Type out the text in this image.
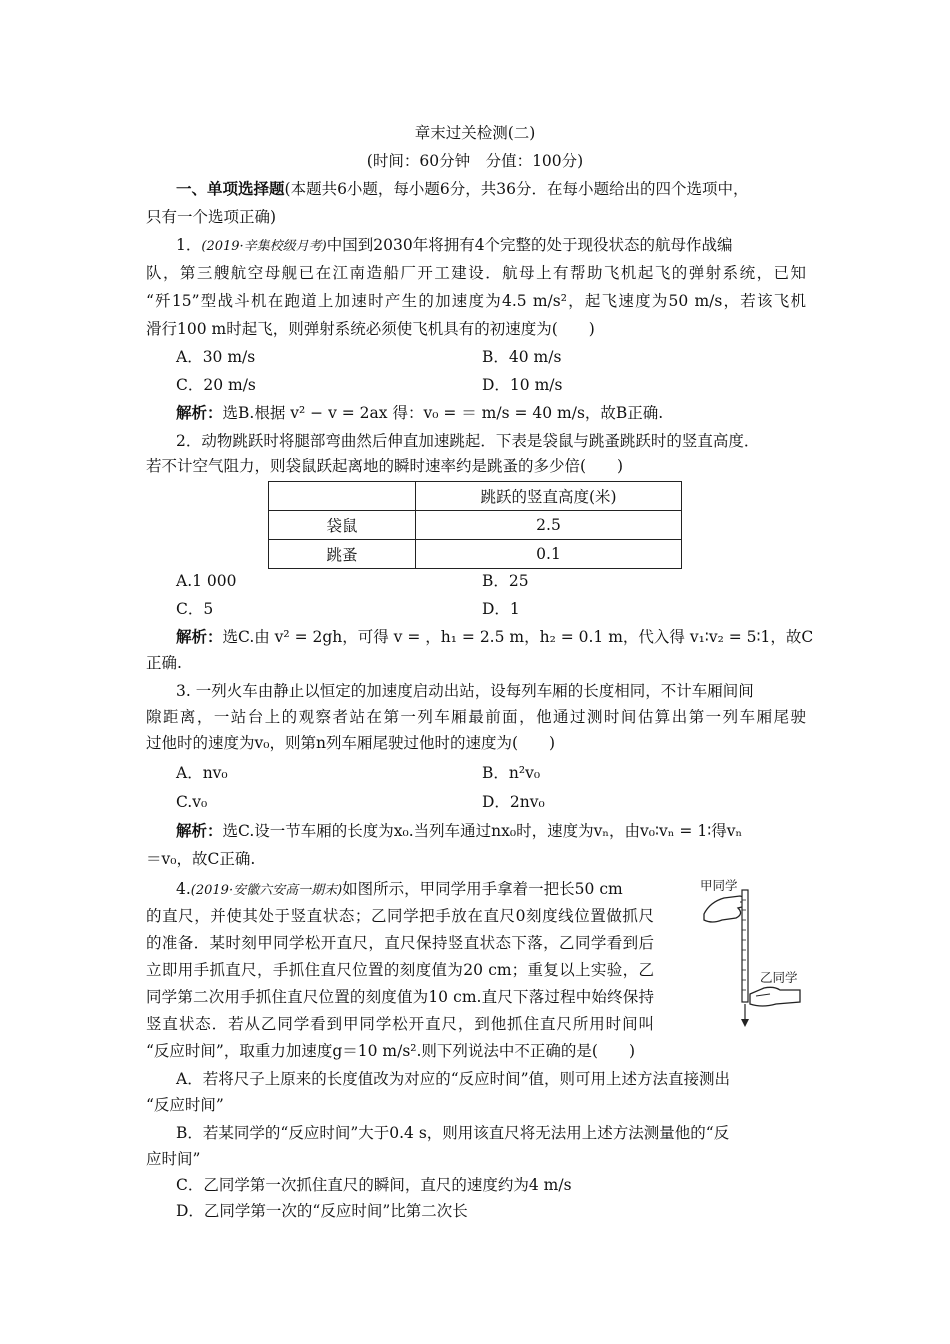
章末过关检测(二)
(时间：60分钟　分值：100分)
一、单项选择题(本题共6小题，每小题6分，共36分．在每小题给出的四个选项中，
只有一个选项正确)
1．(2019·辛集校级月考)中国到2030年将拥有4个完整的处于现役状态的航母作战编
队，第三艘航空母舰已在江南造船厂开工建设．航母上有帮助飞机起飞的弹射系统，已知
“歼15”型战斗机在跑道上加速时产生的加速度为4.5 m/s²，起飞速度为50 m/s，若该飞机
滑行100 m时起飞，则弹射系统必须使飞机具有的初速度为(　　)
A．30 m/s	B．40 m/s
C．20 m/s	D．10 m/s
解析：选B.根据 v² − v = 2ax 得：v₀ = ＝ m/s = 40 m/s，故B正确.
2．动物跳跃时将腿部弯曲然后伸直加速跳起．下表是袋鼠与跳蚤跳跃时的竖直高度．
若不计空气阻力，则袋鼠跃起离地的瞬时速率约是跳蚤的多少倍(　　)
	跳跃的竖直高度(米)
袋鼠	2.5
跳蚤	0.1
A.1 000	B．25
C．5	D．1
解析：选C.由 v² = 2gh，可得 v = ，h₁ = 2.5 m，h₂ = 0.1 m，代入得 v₁∶v₂ = 5∶1，故C
正确.
3. 一列火车由静止以恒定的加速度启动出站，设每列车厢的长度相同，不计车厢间间
隙距离，一站台上的观察者站在第一列车厢最前面，他通过测时间估算出第一列车厢尾驶
过他时的速度为v₀，则第n列车厢尾驶过他时的速度为(　　)
A．nv₀	B．n²v₀
C.v₀	D．2nv₀
解析：选C.设一节车厢的长度为x₀.当列车通过nx₀时，速度为vₙ，由v₀∶vₙ = 1∶得vₙ
＝v₀，故C正确.
4.(2019·安徽六安高一期末)如图所示，甲同学用手拿着一把长50 cm
的直尺，并使其处于竖直状态；乙同学把手放在直尺0刻度线位置做抓尺
的准备．某时刻甲同学松开直尺，直尺保持竖直状态下落，乙同学看到后
立即用手抓直尺，手抓住直尺位置的刻度值为20 cm；重复以上实验，乙
同学第二次用手抓住直尺位置的刻度值为10 cm.直尺下落过程中始终保持
竖直状态．若从乙同学看到甲同学松开直尺，到他抓住直尺所用时间叫
“反应时间”，取重力加速度g＝10 m/s².则下列说法中不正确的是(　　)
甲同学
乙同学
A．若将尺子上原来的长度值改为对应的“反应时间”值，则可用上述方法直接测出
“反应时间”
B．若某同学的“反应时间”大于0.4 s，则用该直尺将无法用上述方法测量他的“反
应时间”
C．乙同学第一次抓住直尺的瞬间，直尺的速度约为4 m/s
D．乙同学第一次的“反应时间”比第二次长
